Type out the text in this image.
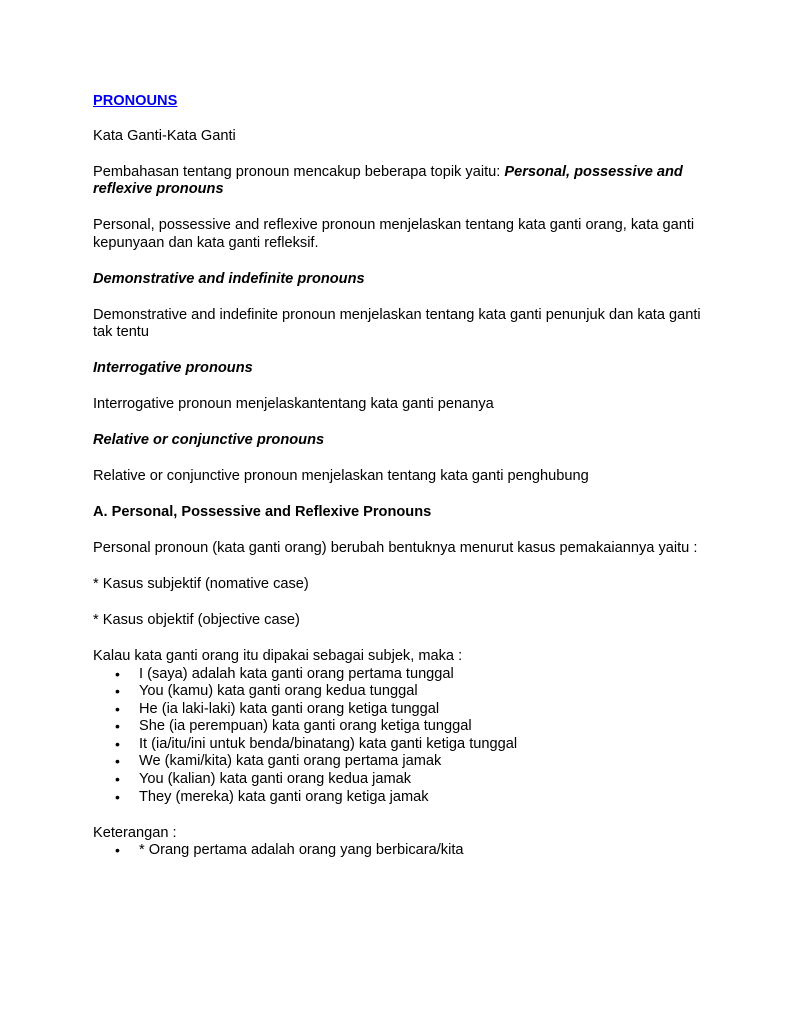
PRONOUNS

Kata Ganti-Kata Ganti

Pembahasan tentang pronoun mencakup beberapa topik yaitu: Personal, possessive and reflexive pronouns

Personal, possessive and reflexive pronoun menjelaskan tentang kata ganti orang, kata ganti kepunyaan dan kata ganti refleksif.

Demonstrative and indefinite pronouns

Demonstrative and indefinite pronoun menjelaskan tentang kata ganti penunjuk dan kata ganti tak tentu

Interrogative pronouns

Interrogative pronoun menjelaskantentang kata ganti penanya

Relative or conjunctive pronouns

Relative or conjunctive pronoun menjelaskan tentang kata ganti penghubung

A. Personal, Possessive and Reflexive Pronouns

Personal pronoun (kata ganti orang) berubah bentuknya menurut kasus pemakaiannya yaitu :

* Kasus subjektif (nomative case)

* Kasus objektif (objective case)

Kalau kata ganti orang itu dipakai sebagai subjek, maka :

• I (saya) adalah kata ganti orang pertama tunggal
• You (kamu) kata ganti orang kedua tunggal
• He (ia laki-laki) kata ganti orang ketiga tunggal
• She (ia perempuan) kata ganti orang ketiga tunggal
• It (ia/itu/ini untuk benda/binatang) kata ganti ketiga tunggal
• We (kami/kita) kata ganti orang pertama jamak
• You (kalian) kata ganti orang kedua jamak
• They (mereka) kata ganti orang ketiga jamak

Keterangan :

• * Orang pertama adalah orang yang berbicara/kita
